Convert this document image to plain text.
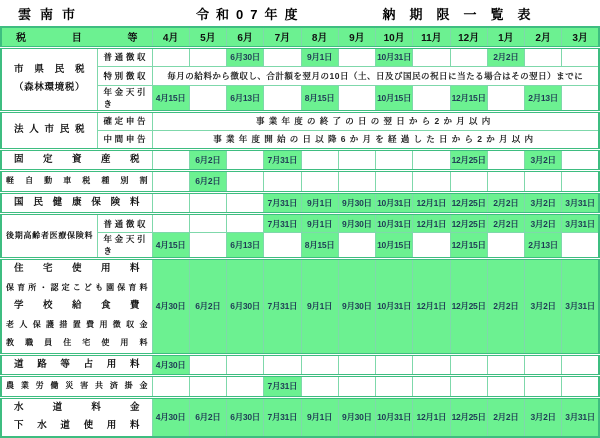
雲南市	令和07年度	納期限一覧表
税目等		4月	5月	6月	7月	8月	9月	10月	11月	12月	1月	2月	3月

市県民税
（森林環境税）	普通徴収			6月30日		9月1日		10月31日			2月2日		
	特別徴収	毎月の給料から徴収し、合計額を翌月の10日（土、日及び国民の祝日に当たる場合はその翌日）までに											
	年金天引き	4月15日		6月13日		8月15日		10月15日		12月15日		2月13日	

法人市民税	確定申告	事業年度の終了の日の翌日から2か月以内											
	中間申告	事業年度開始の日以降6か月を経過した日から2か月以内											

固定資産税			6月2日		7月31日					12月25日		3月2日	

軽自動車税種別割			6月2日										

国民健康保険料					7月31日	9月1日	9月30日	10月31日	12月1日	12月25日	2月2日	3月2日	3月31日

後期高齢者医療保険料	普通徴収				7月31日	9月1日	9月30日	10月31日	12月1日	12月25日	2月2日	3月2日	3月31日
	年金天引き	4月15日		6月13日		8月15日		10月15日		12月15日		2月13日	

住宅使用料
保育所・認定こども園保育料
学校給食費
老人保護措置費用徴収金
教職員住宅使用料		4月30日	6月2日	6月30日	7月31日	9月1日	9月30日	10月31日	12月1日	12月25日	2月2日	3月2日	3月31日

道路等占用料		4月30日											

農業労働災害共済掛金					7月31日								

水道料金
下水道使用料		4月30日	6月2日	6月30日	7月31日	9月1日	9月30日	10月31日	12月1日	12月25日	2月2日	3月2日	3月31日
